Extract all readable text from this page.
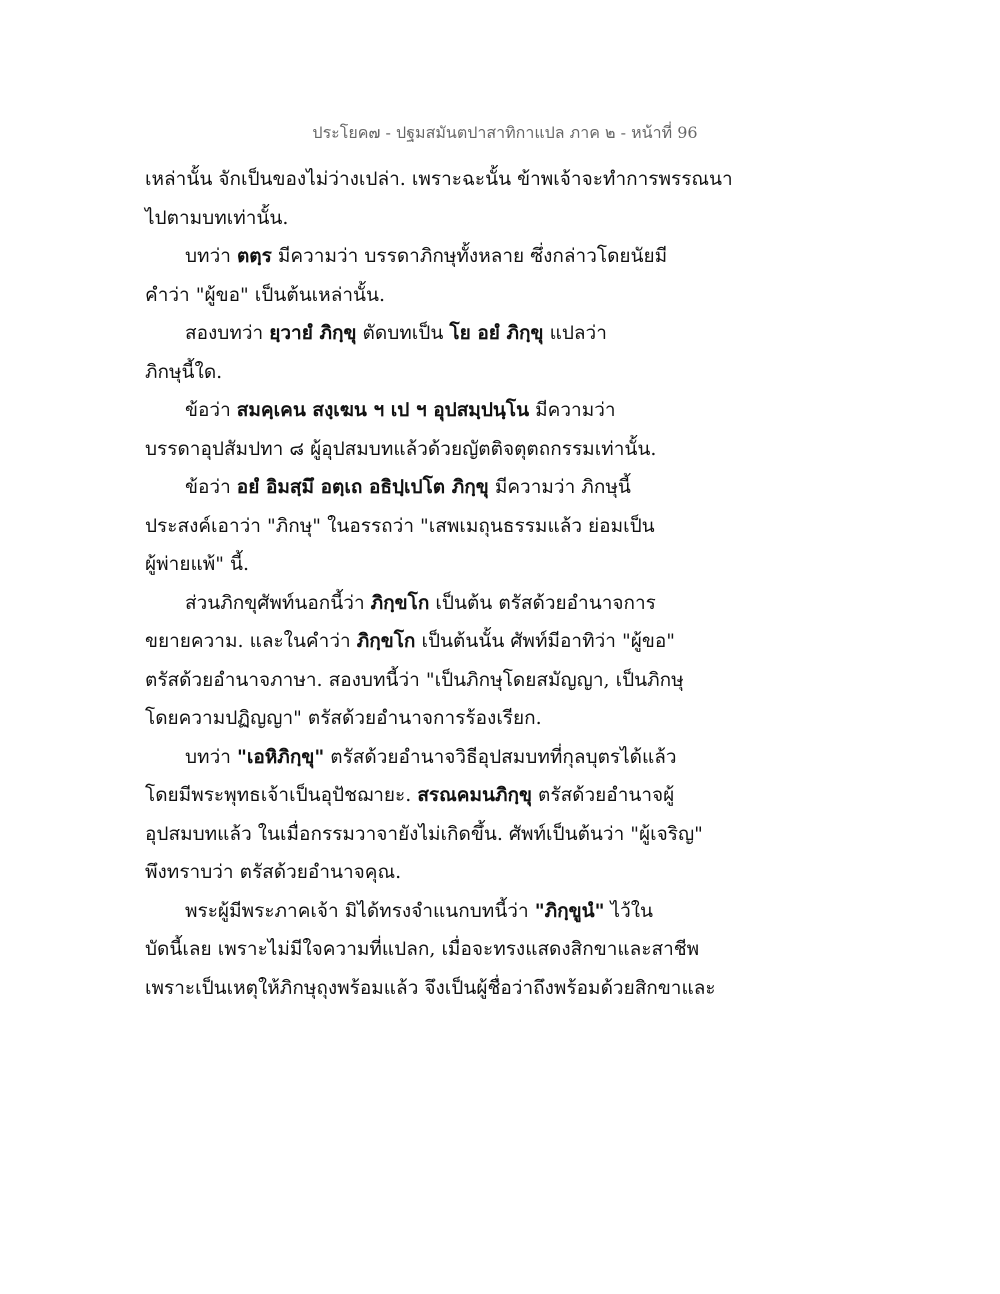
ประโยค๗ - ปฐมสมันตปาสาทิกาแปล ภาค ๒ - หน้าที่ 96
เหล่านั้น จักเป็นของไม่ว่างเปล่า. เพราะฉะนั้น ข้าพเจ้าจะทำการพรรณนา
ไปตามบทเท่านั้น.
บทว่า ตตฺร มีความว่า บรรดาภิกษุทั้งหลาย ซึ่งกล่าวโดยนัยมี
คำว่า "ผู้ขอ" เป็นต้นเหล่านั้น.
สองบทว่า ยฺวายํ ภิกฺขุ ตัดบทเป็น โย อยํ ภิกฺขุ แปลว่า
ภิกษุนี้ใด.
ข้อว่า สมคฺเคน สงฺเฆน ฯ เป ฯ อุปสมฺปนฺโน มีความว่า
บรรดาอุปสัมปทา ๘ ผู้อุปสมบทแล้วด้วยญัตติจตุตถกรรมเท่านั้น.
ข้อว่า อยํ อิมสฺมึ อตฺเถ อธิปฺเปโต ภิกฺขุ มีความว่า ภิกษุนี้
ประสงค์เอาว่า "ภิกษุ" ในอรรถว่า "เสพเมถุนธรรมแล้ว ย่อมเป็น
ผู้พ่ายแพ้" นี้.
ส่วนภิกขุศัพท์นอกนี้ว่า ภิกฺขโก เป็นต้น ตรัสด้วยอำนาจการ
ขยายความ. และในคำว่า ภิกฺขโก เป็นต้นนั้น ศัพท์มีอาทิว่า "ผู้ขอ"
ตรัสด้วยอำนาจภาษา. สองบทนี้ว่า "เป็นภิกษุโดยสมัญญา, เป็นภิกษุ
โดยความปฏิญญา" ตรัสด้วยอำนาจการร้องเรียก.
บทว่า "เอหิภิกฺขุ" ตรัสด้วยอำนาจวิธีอุปสมบทที่กุลบุตรได้แล้ว
โดยมีพระพุทธเจ้าเป็นอุปัชฌายะ. สรณคมนภิกฺขุ ตรัสด้วยอำนาจผู้
อุปสมบทแล้ว ในเมื่อกรรมวาจายังไม่เกิดขึ้น. ศัพท์เป็นต้นว่า "ผู้เจริญ"
พึงทราบว่า ตรัสด้วยอำนาจคุณ.
พระผู้มีพระภาคเจ้า มิได้ทรงจำแนกบทนี้ว่า "ภิกฺขูนํ" ไว้ใน
บัดนี้เลย เพราะไม่มีใจความที่แปลก, เมื่อจะทรงแสดงสิกขาและสาชีพ
เพราะเป็นเหตุให้ภิกษุถุงพร้อมแล้ว จึงเป็นผู้ชื่อว่าถึงพร้อมด้วยสิกขาและ
